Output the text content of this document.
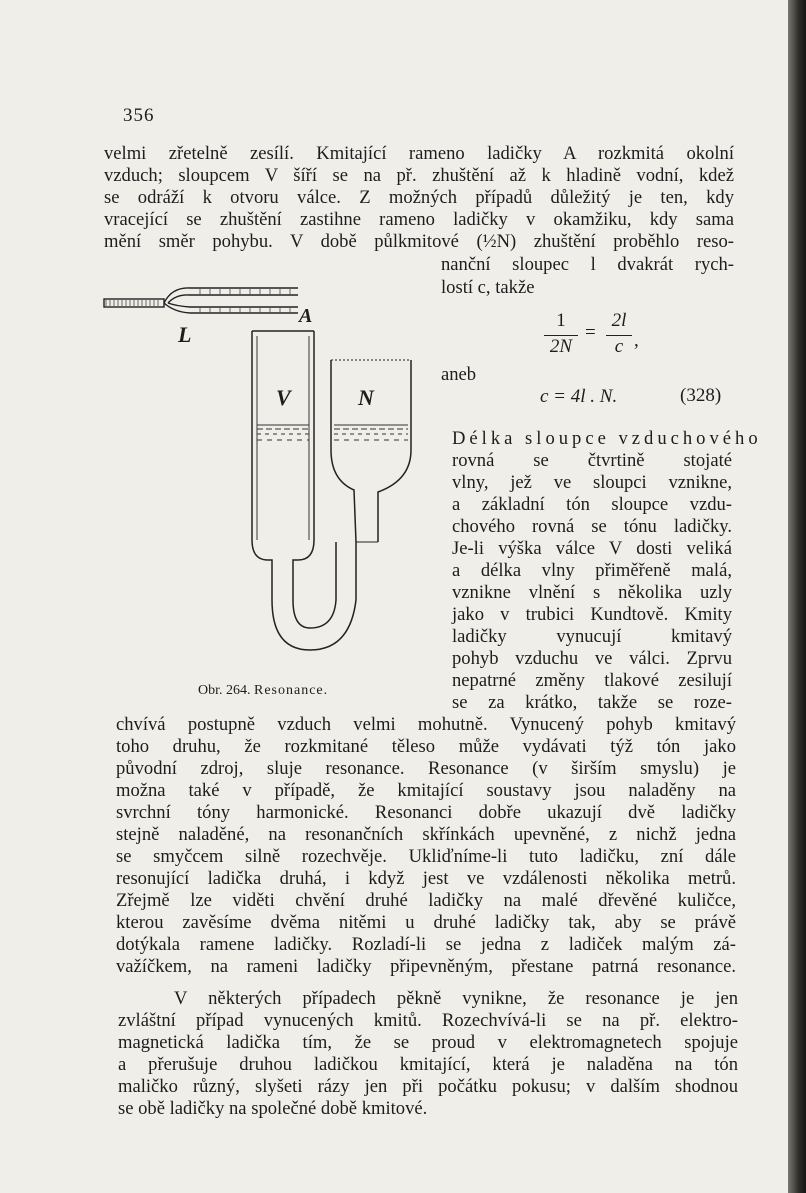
356
velmi zřetelně zesílí. Kmitající rameno ladičky A rozkmitá okolní
vzduch; sloupcem V šíří se na př. zhuštění až k hladině vodní, kdež
se odráží k otvoru válce. Z možných případů důležitý je ten, kdy
vracející se zhuštění zastihne rameno ladičky v okamžiku, kdy sama
mění směr pohybu. V době půlkmitové (½N) zhuštění proběhlo reso-
nanční sloupec l dvakrát rych-
lostí c, takže
1
2N
=
2l
c ,
aneb
c = 4l . N.	(328)
Délka sloupce vzduchového
rovná se čtvrtině stojaté
vlny, jež ve sloupci vznikne,
a základní tón sloupce vzdu-
chového rovná se tónu ladičky.
Je-li výška válce V dosti veliká
a délka vlny přiměřeně malá,
vznikne vlnění s několika uzly
jako v trubici Kundtově. Kmity
ladičky vynucují kmitavý
pohyb vzduchu ve válci. Zprvu
nepatrné změny tlakové zesilují
se za krátko, takže se roze-
L
A
V	N
Obr. 264. Resonance.
chvívá postupně vzduch velmi mohutně. Vynucený pohyb kmitavý
toho druhu, že rozkmitané těleso může vydávati týž tón jako
původní zdroj, sluje resonance. Resonance (v širším smyslu) je
možna také v případě, že kmitající soustavy jsou naladěny na
svrchní tóny harmonické. Resonanci dobře ukazují dvě ladičky
stejně naladěné, na resonančních skřínkách upevněné, z nichž jedna
se smyčcem silně rozechvěje. Ukliďníme-li tuto ladičku, zní dále
resonující ladička druhá, i když jest ve vzdálenosti několika metrů.
Zřejmě lze viděti chvění druhé ladičky na malé dřevěné kuličce,
kterou zavěsíme dvěma nitěmi u druhé ladičky tak, aby se právě
dotýkala ramene ladičky. Rozladí-li se jedna z ladiček malým zá-
važíčkem, na rameni ladičky připevněným, přestane patrná resonance.
V některých případech pěkně vynikne, že resonance je jen
zvláštní případ vynucených kmitů. Rozechvívá-li se na př. elektro-
magnetická ladička tím, že se proud v elektromagnetech spojuje
a přerušuje druhou ladičkou kmitající, která je naladěna na tón
maličko různý, slyšeti rázy jen při počátku pokusu; v dalším shodnou
se obě ladičky na společné době kmitové.
